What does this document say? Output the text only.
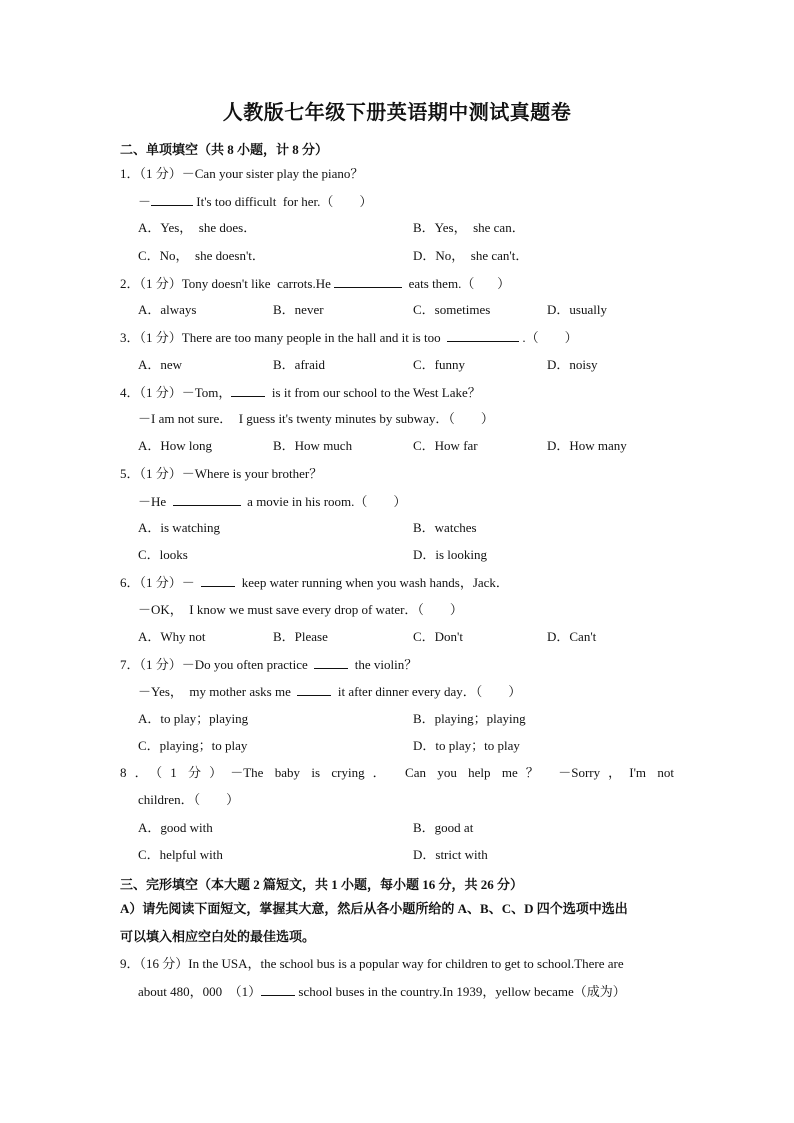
人教版七年级下册英语期中测试真题卷
二、单项填空（共 8 小题，计 8 分）
1．（1 分）－Can your sister play the piano？
－	It's too difficult  for her.（        ）
A．Yes，  she does．	B．Yes，  she can．
C．No，  she doesn't．	D．No，  she can't．
2．（1 分）Tony doesn't like  carrots.He	eats them.（       ）
A．always	B．never	C．sometimes	D．usually
3．（1 分）There are too many people in the hall and it is too	.（        ）
A．new	B．afraid	C．funny	D．noisy
4．（1 分）－Tom，	is it from our school to the West Lake？
－I am not sure．  I guess it's twenty minutes by subway．（        ）
A．How long	B．How much	C．How far	D．How many
5．（1 分）－Where is your brother？
－He	a movie in his room.（        ）
A．is watching	B．watches
C．looks	D．is looking
6．（1 分）－	keep water running when you wash hands，Jack．
－OK，  I know we must save every drop of water．（        ）
A．Why not	B．Please	C．Don't	D．Can't
7．（1 分）－Do you often practice	the violin？
－Yes，  my mother asks me	it after dinner every day．（        ）
A．to play；playing	B．playing；playing
C．playing；to play	D．to play；to play
8．（1 分）－The baby is crying． Can you help me？ －Sorry，I'm not
children．（        ）
A．good with	B．good at
C．helpful with	D．strict with
三、完形填空（本大题 2 篇短文，共 1 小题，每小题 16 分，共 26 分）
A）请先阅读下面短文，掌握其大意，然后从各小题所给的 A、B、C、D 四个选项中选出
可以填入相应空白处的最佳选项。
9．（16 分）In the USA，the school bus is a popular way for children to get to school.There are
about 480，000  （1）	school buses in the country.In 1939，yellow became（成为）
